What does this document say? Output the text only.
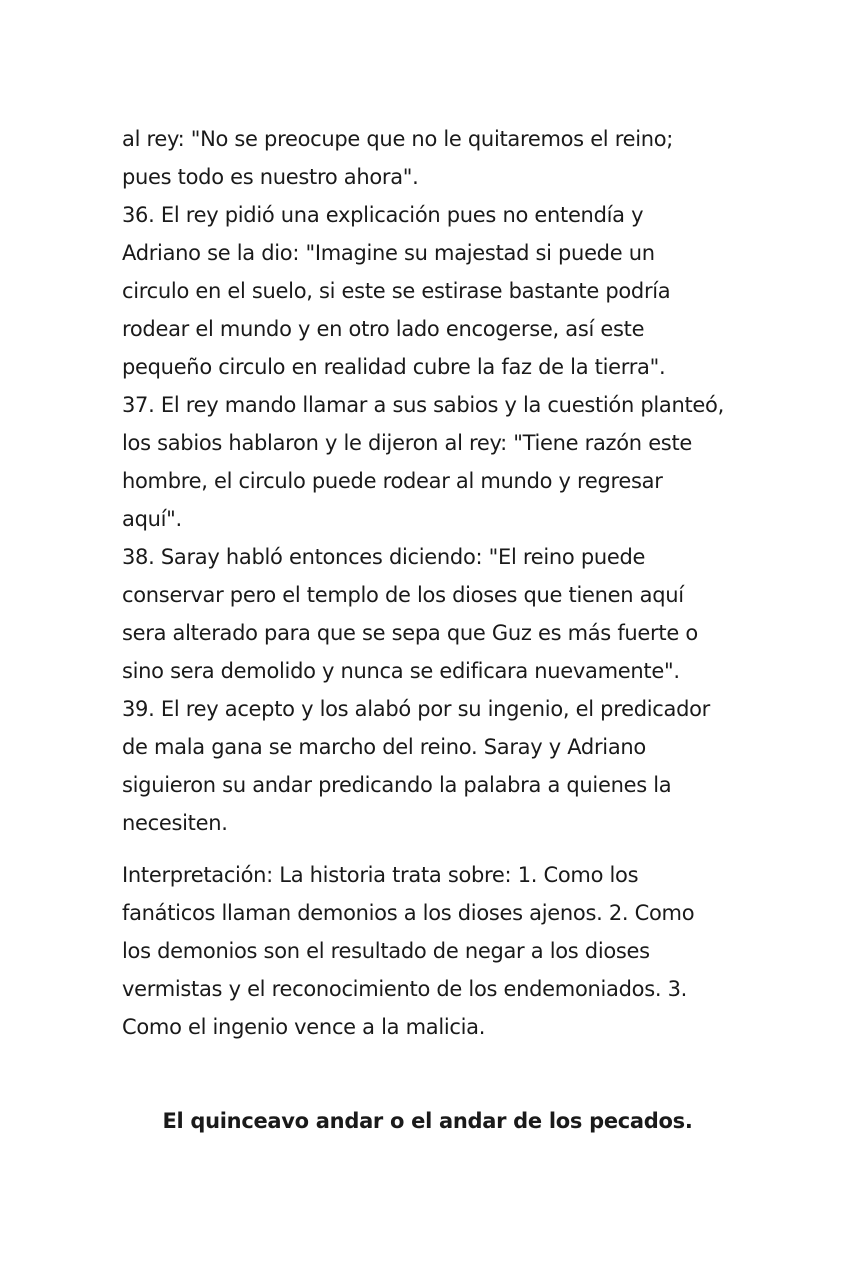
al rey: "No se preocupe que no le quitaremos el reino;
pues todo es nuestro ahora".
36. El rey pidió una explicación pues no entendía y
Adriano se la dio: "Imagine su majestad si puede un
circulo en el suelo, si este se estirase bastante podría
rodear el mundo y en otro lado encogerse, así este
pequeño circulo en realidad cubre la faz de la tierra".
37. El rey mando llamar a sus sabios y la cuestión planteó,
los sabios hablaron y le dijeron al rey: "Tiene razón este
hombre, el circulo puede rodear al mundo y regresar
aquí".
38. Saray habló entonces diciendo: "El reino puede
conservar pero el templo de los dioses que tienen aquí
sera alterado para que se sepa que Guz es más fuerte o
sino sera demolido y nunca se edificara nuevamente".
39. El rey acepto y los alabó por su ingenio, el predicador
de mala gana se marcho del reino. Saray y Adriano
siguieron su andar predicando la palabra a quienes la
necesiten.
Interpretación: La historia trata sobre: 1. Como los
fanáticos llaman demonios a los dioses ajenos. 2. Como
los demonios son el resultado de negar a los dioses
vermistas y el reconocimiento de los endemoniados. 3.
Como el ingenio vence a la malicia.
El quinceavo andar o el andar de los pecados.
